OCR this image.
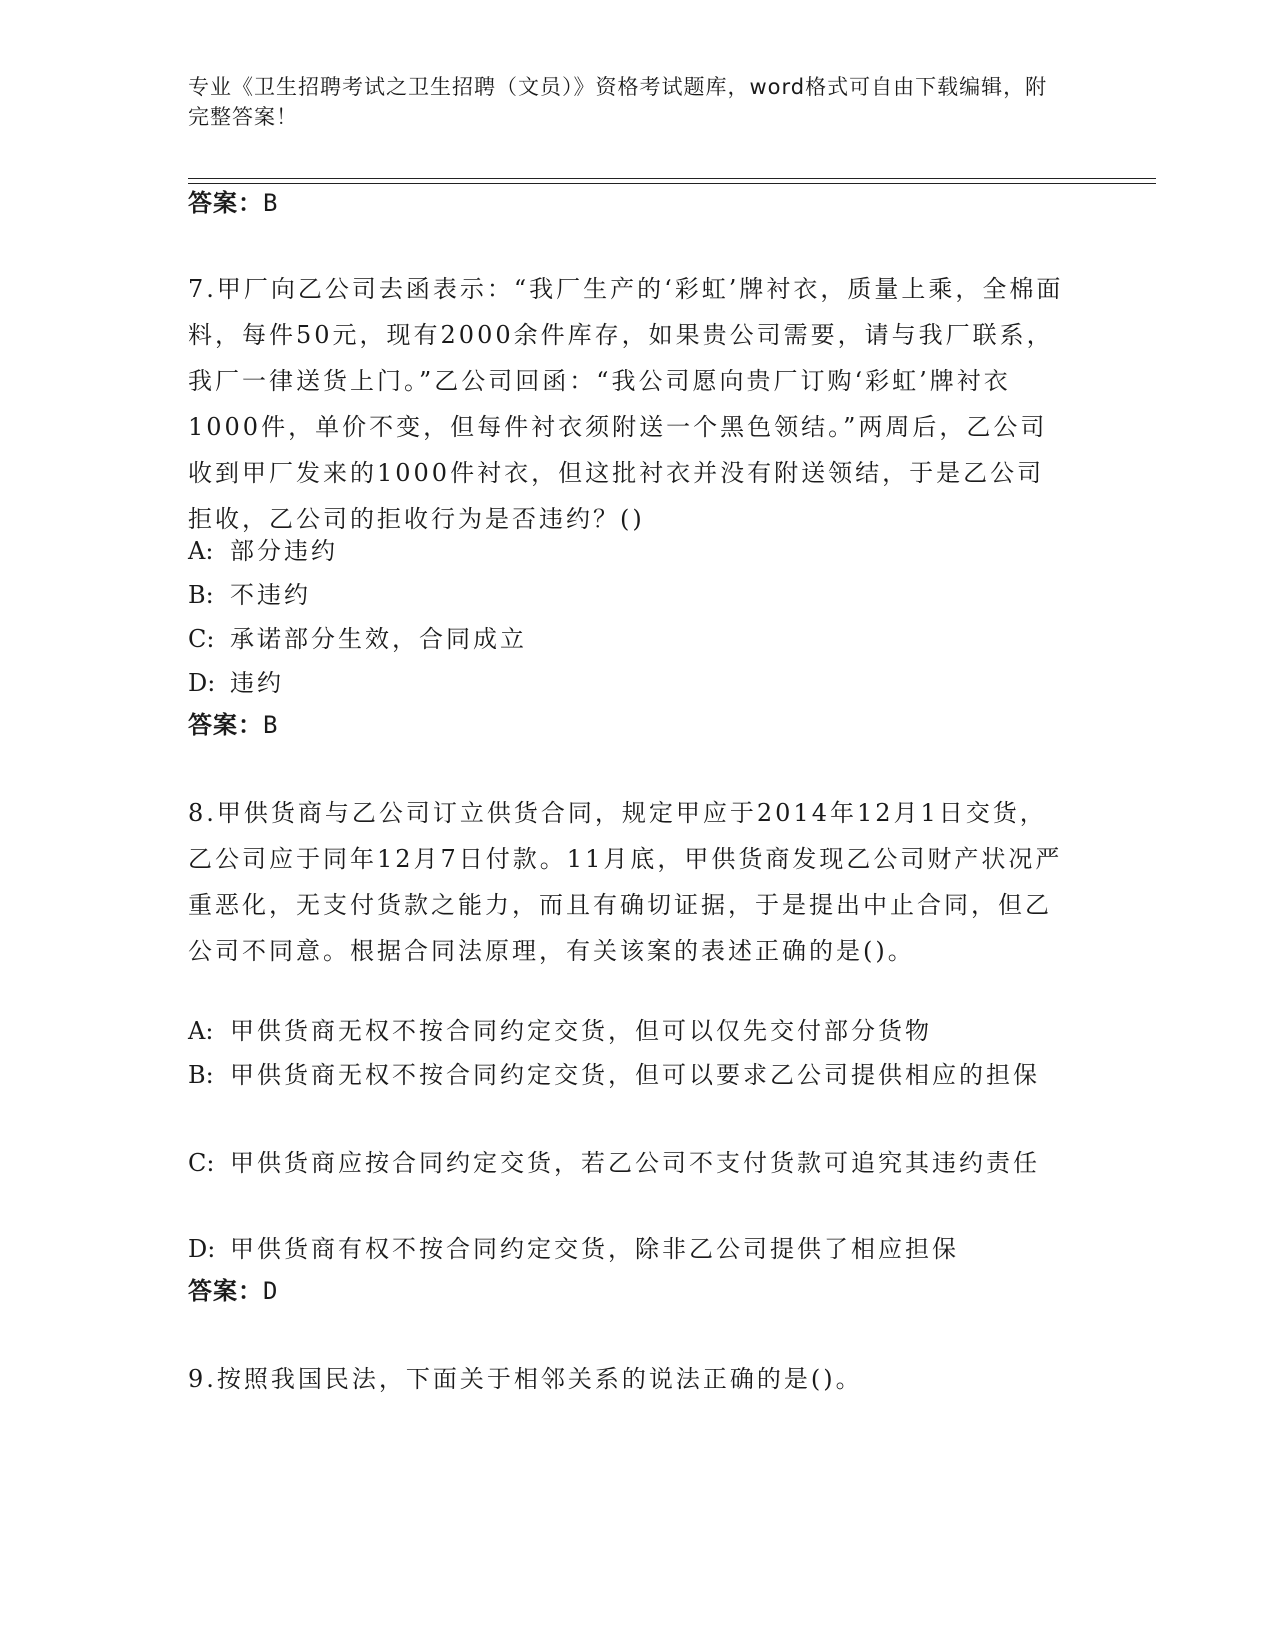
专业《卫生招聘考试之卫生招聘（文员）》资格考试题库，word格式可自由下载编辑，附完整答案！
答案：B
7.甲厂向乙公司去函表示：“我厂生产的‘彩虹’牌衬衣，质量上乘，全棉面料，每件50元，现有2000余件库存，如果贵公司需要，请与我厂联系，我厂一律送货上门。”乙公司回函：“我公司愿向贵厂订购‘彩虹’牌衬衣1000件，单价不变，但每件衬衣须附送一个黑色领结。”两周后，乙公司收到甲厂发来的1000件衬衣，但这批衬衣并没有附送领结，于是乙公司拒收，乙公司的拒收行为是否违约？()
A: 部分违约
B: 不违约
C: 承诺部分生效，合同成立
D: 违约
答案：B
8.甲供货商与乙公司订立供货合同，规定甲应于2014年12月1日交货，乙公司应于同年12月7日付款。11月底，甲供货商发现乙公司财产状况严重恶化，无支付货款之能力，而且有确切证据，于是提出中止合同，但乙公司不同意。根据合同法原理，有关该案的表述正确的是()。
A: 甲供货商无权不按合同约定交货，但可以仅先交付部分货物
B: 甲供货商无权不按合同约定交货，但可以要求乙公司提供相应的担保
C: 甲供货商应按合同约定交货，若乙公司不支付货款可追究其违约责任
D: 甲供货商有权不按合同约定交货，除非乙公司提供了相应担保
答案：D
9.按照我国民法，下面关于相邻关系的说法正确的是()。
